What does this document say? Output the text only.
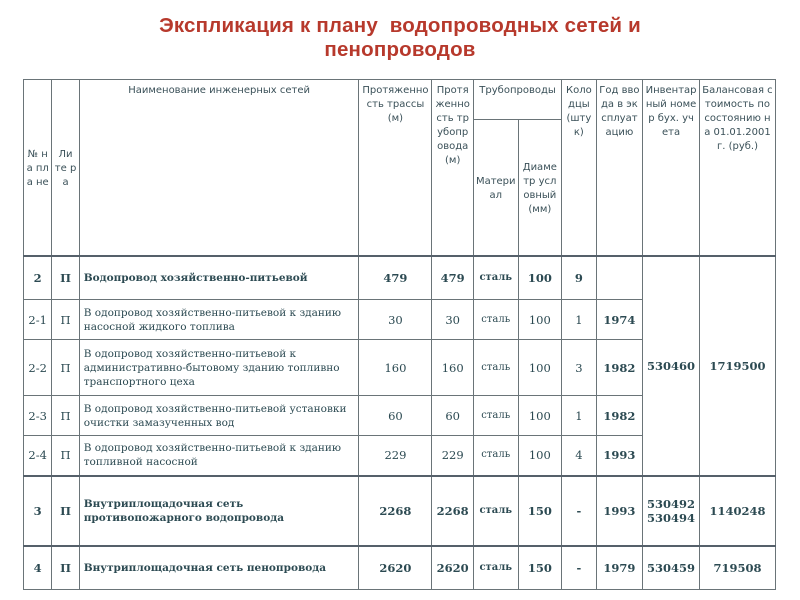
Экспликация к плану  водопроводных сетей и
пенопроводов
№ на пла не	Ли те ра	Наименование инженерных сетей	Протяженность трассы (м)	Протяженность трубопровода (м)	Трубопроводы		Колодцы (штук)	Год ввода в эксплуатацию	Инвентарный номер бух. учета	Балансовая стоимость по состоянию на 01.01.2001г. (руб.)
					Материал	Диаметр условный (мм)				
2	П	Водопровод хозяйственно-питьевой	479	479	сталь	100	9		530460	1719500
2-1	П	В одопровод хозяйственно-питьевой к зданию насосной жидкого топлива	30	30	сталь	100	1	1974		
2-2	П	В одопровод хозяйственно-питьевой к административно-бытовому зданию топливно транспортного цеха	160	160	сталь	100	3	1982		
2-3	П	В одопровод хозяйственно-питьевой установки очистки замазученных вод	60	60	сталь	100	1	1982		
2-4	П	В одопровод хозяйственно-питьевой к зданию топливной насосной	229	229	сталь	100	4	1993		
3	П	Внутриплощадочная сеть противопожарного водопровода	2268	2268	сталь	150	-	1993	530492 530494	1140248
4	П	Внутриплощадочная сеть пенопровода	2620	2620	сталь	150	-	1979	530459	719508
